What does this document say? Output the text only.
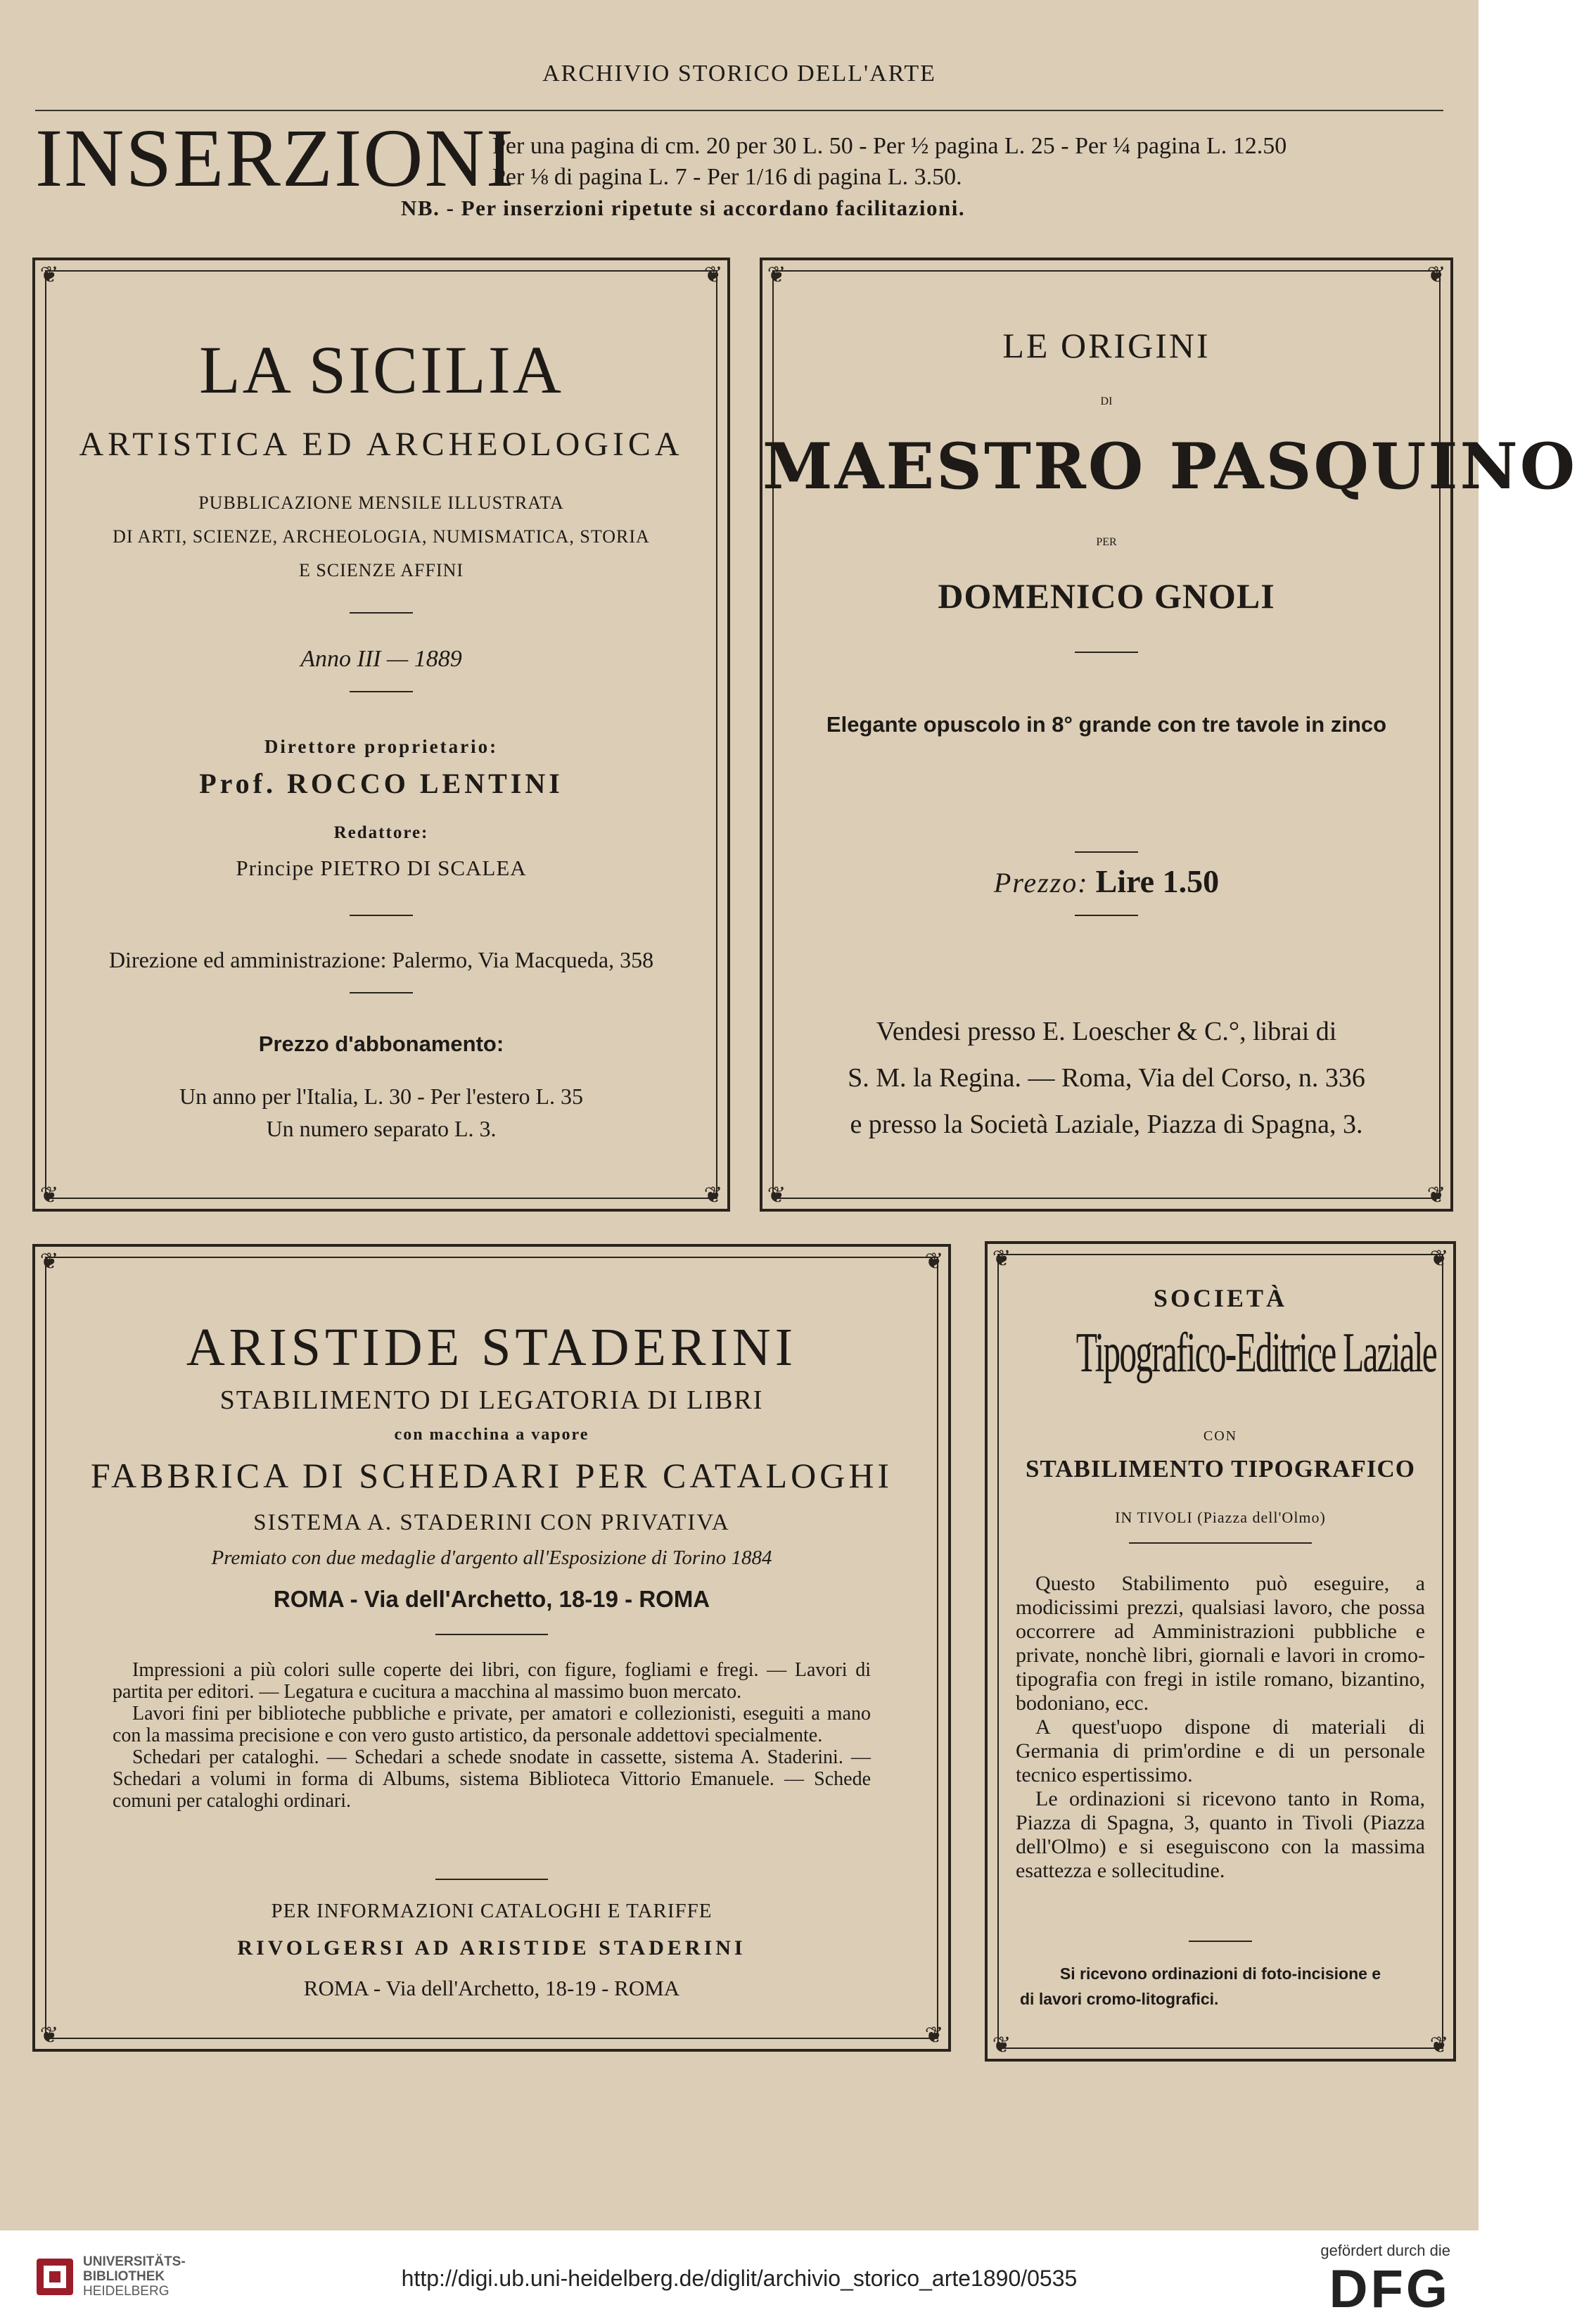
ARCHIVIO STORICO DELL'ARTE
INSERZIONI
Per una pagina di cm. 20 per 30 L. 50 - Per ½ pagina L. 25 - Per ¼ pagina L. 12.50
Per ⅛ di pagina L. 7 - Per 1/16 di pagina L. 3.50.
NB. - Per inserzioni ripetute si accordano facilitazioni.
❦	❦
❦	❦
LA SICILIA
ARTISTICA ED ARCHEOLOGICA
PUBBLICAZIONE MENSILE ILLUSTRATA
DI ARTI, SCIENZE, ARCHEOLOGIA, NUMISMATICA, STORIA
E SCIENZE AFFINI
Anno III — 1889
Direttore proprietario:
Prof. ROCCO LENTINI
Redattore:
Principe PIETRO DI SCALEA
Direzione ed amministrazione: Palermo, Via Macqueda, 358
Prezzo d'abbonamento:
Un anno per l'Italia, L. 30 - Per l'estero L. 35
Un numero separato L. 3.
❦	❦
❦	❦
LE ORIGINI
DI
MAESTRO PASQUINO
PER
DOMENICO GNOLI
Elegante opuscolo in 8° grande con tre tavole in zinco
Prezzo: Lire 1.50
Vendesi presso E. Loescher & C.°, librai di
S. M. la Regina. — Roma, Via del Corso, n. 336
e presso la Società Laziale, Piazza di Spagna, 3.
❦	❦
❦	❦
ARISTIDE STADERINI
STABILIMENTO DI LEGATORIA DI LIBRI
con macchina a vapore
FABBRICA DI SCHEDARI PER CATALOGHI
SISTEMA A. STADERINI CON PRIVATIVA
Premiato con due medaglie d'argento all'Esposizione di Torino 1884
ROMA - Via dell'Archetto, 18-19 - ROMA

Impressioni a più colori sulle coperte dei libri, con figure, fogliami e fregi. — Lavori di partita per editori. — Legatura e cucitura a macchina al massimo buon mercato.

Lavori fini per biblioteche pubbliche e private, per amatori e collezionisti, eseguiti a mano con la massima precisione e con vero gusto artistico, da personale addettovi specialmente.

Schedari per cataloghi. — Schedari a schede snodate in cassette, sistema A. Staderini. — Schedari a volumi in forma di Albums, sistema Biblioteca Vittorio Emanuele. — Schede comuni per cataloghi ordinari.

PER INFORMAZIONI CATALOGHI E TARIFFE
RIVOLGERSI AD ARISTIDE STADERINI
ROMA - Via dell'Archetto, 18-19 - ROMA
❦	❦
❦	❦
SOCIETÀ
Tipografico-Editrice Laziale
CON
STABILIMENTO TIPOGRAFICO
IN TIVOLI (Piazza dell'Olmo)

Questo Stabilimento può eseguire, a modicissimi prezzi, qualsiasi lavoro, che possa occorrere ad Amministrazioni pubbliche e private, nonchè libri, giornali e lavori in cromo-tipografia con fregi in istile romano, bizantino, bodoniano, ecc.

A quest'uopo dispone di materiali di Germania di prim'ordine e di un personale tecnico espertissimo.

Le ordinazioni si ricevono tanto in Roma, Piazza di Spagna, 3, quanto in Tivoli (Piazza dell'Olmo) e si eseguiscono con la massima esattezza e sollecitudine.

Si ricevono ordinazioni di foto-incisione e
di lavori cromo-litografici.
UNIVERSITÄTS-
BIBLIOTHEK
HEIDELBERG
http://digi.ub.uni-heidelberg.de/diglit/archivio_storico_arte1890/0535
gefördert durch die
DFG
